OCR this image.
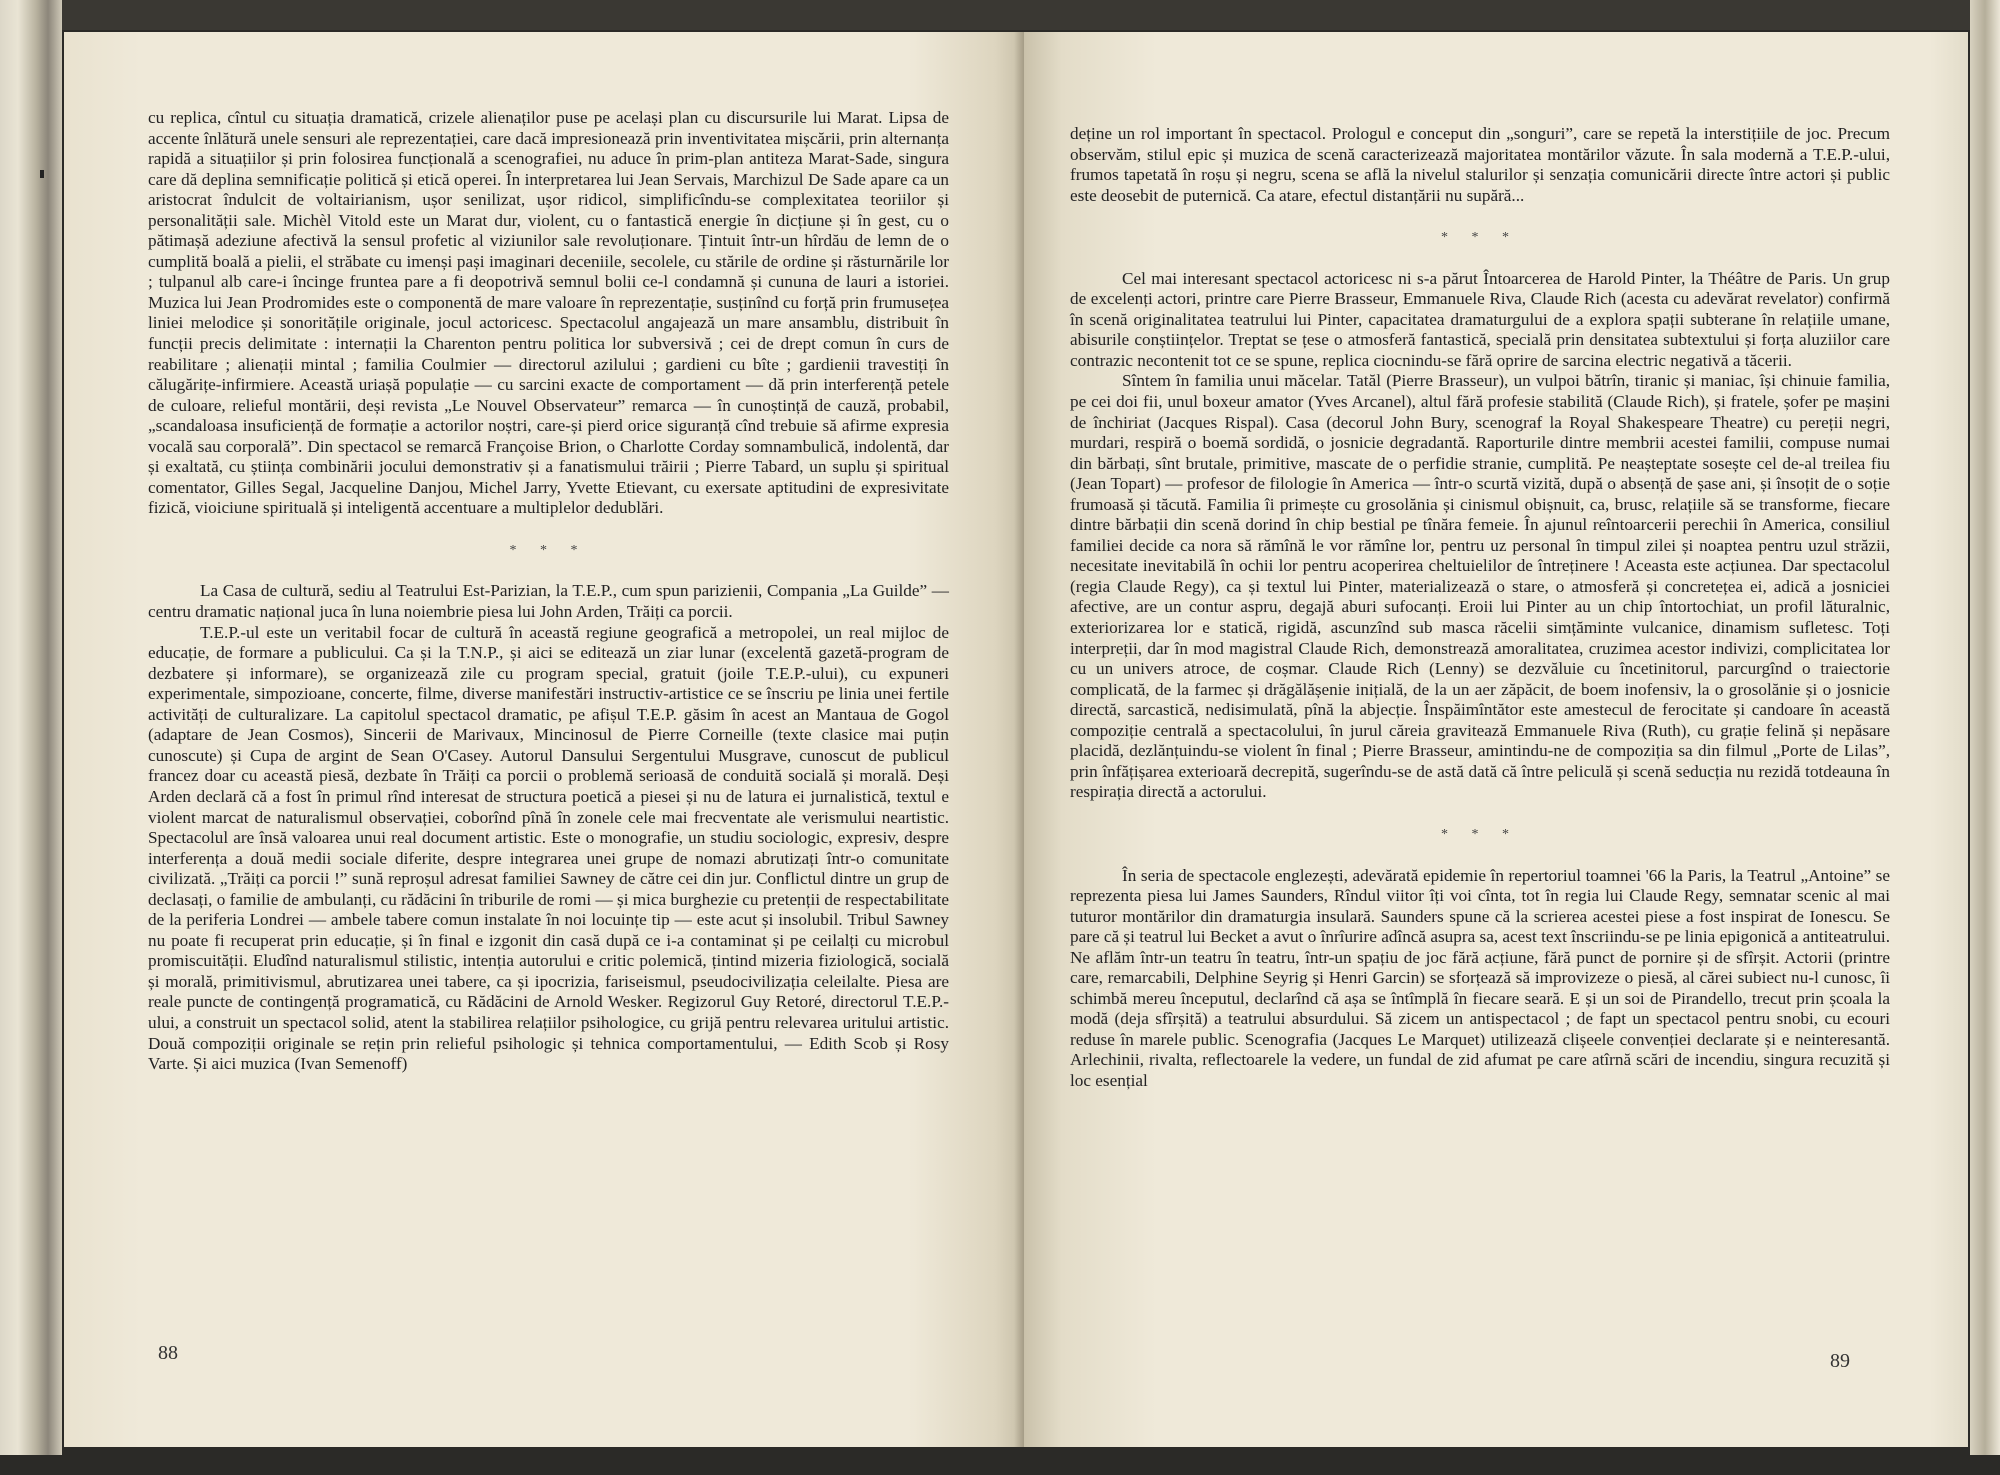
cu replica, cîntul cu situația dramatică, crizele alienaților puse pe același plan cu discursurile lui Marat. Lipsa de accente înlătură unele sensuri ale reprezentației, care dacă impresionează prin inventivitatea mișcării, prin alternanța rapidă a situațiilor și prin folosirea funcțională a scenografiei, nu aduce în prim-plan antiteza Marat-Sade, singura care dă deplina semnificație politică și etică operei. În interpretarea lui Jean Servais, Marchizul De Sade apare ca un aristocrat îndulcit de voltairianism, ușor senilizat, ușor ridicol, simplificîndu-se complexitatea teoriilor și personalității sale. Michèl Vitold este un Marat dur, violent, cu o fantastică energie în dicțiune și în gest, cu o pătimașă adeziune afectivă la sensul profetic al viziunilor sale revoluționare. Țintuit într-un hîrdău de lemn de o cumplită boală a pielii, el străbate cu imenși pași imaginari deceniile, secolele, cu stările de ordine și răsturnările lor ; tulpanul alb care-i încinge fruntea pare a fi deopotrivă semnul bolii ce-l condamnă și cununa de lauri a istoriei. Muzica lui Jean Prodromides este o componentă de mare valoare în reprezentație, susținînd cu forță prin frumusețea liniei melodice și sonoritățile originale, jocul actoricesc. Spectacolul angajează un mare ansamblu, distribuit în funcții precis delimitate : internații la Charenton pentru politica lor subversivă ; cei de drept comun în curs de reabilitare ; alienații mintal ; familia Coulmier — directorul azilului ; gardieni cu bîte ; gardienii travestiți în călugărițe-infirmiere. Această uriașă populație — cu sarcini exacte de comportament — dă prin interferență petele de culoare, relieful montării, deși revista „Le Nouvel Observateur” remarca — în cunoștință de cauză, probabil, „scandaloasa insuficiență de formație a actorilor noștri, care-și pierd orice siguranță cînd trebuie să afirme expresia vocală sau corporală”. Din spectacol se remarcă Françoise Brion, o Charlotte Corday somnambulică, indolentă, dar și exaltată, cu știința combinării jocului demonstrativ și a fanatismului trăirii ; Pierre Tabard, un suplu și spiritual comentator, Gilles Segal, Jacqueline Danjou, Michel Jarry, Yvette Etievant, cu exersate aptitudini de expresivitate fizică, vioiciune spirituală și inteligentă accentuare a multiplelor dedublări.

* * *

La Casa de cultură, sediu al Teatrului Est-Parizian, la T.E.P., cum spun parizienii, Compania „La Guilde” — centru dramatic național juca în luna noiembrie piesa lui John Arden, Trăiți ca porcii.

T.E.P.-ul este un veritabil focar de cultură în această regiune geografică a metropolei, un real mijloc de educație, de formare a publicului. Ca și la T.N.P., și aici se editează un ziar lunar (excelentă gazetă-program de dezbatere și informare), se organizează zile cu program special, gratuit (joile T.E.P.-ului), cu expuneri experimentale, simpozioane, concerte, filme, diverse manifestări instructiv-artistice ce se înscriu pe linia unei fertile activități de culturalizare. La capitolul spectacol dramatic, pe afișul T.E.P. găsim în acest an Mantaua de Gogol (adaptare de Jean Cosmos), Sincerii de Marivaux, Mincinosul de Pierre Corneille (texte clasice mai puțin cunoscute) și Cupa de argint de Sean O'Casey. Autorul Dansului Sergentului Musgrave, cunoscut de publicul francez doar cu această piesă, dezbate în Trăiți ca porcii o problemă serioasă de conduită socială și morală. Deși Arden declară că a fost în primul rînd interesat de structura poetică a piesei și nu de latura ei jurnalistică, textul e violent marcat de naturalismul observației, coborînd pînă în zonele cele mai frecventate ale verismului neartistic. Spectacolul are însă valoarea unui real document artistic. Este o monografie, un studiu sociologic, expresiv, despre interferența a două medii sociale diferite, despre integrarea unei grupe de nomazi abrutizați într-o comunitate civilizată. „Trăiți ca porcii !” sună reproșul adresat familiei Sawney de către cei din jur. Conflictul dintre un grup de declasați, o familie de ambulanți, cu rădăcini în triburile de romi — și mica burghezie cu pretenții de respectabilitate de la periferia Londrei — ambele tabere comun instalate în noi locuințe tip — este acut și insolubil. Tribul Sawney nu poate fi recuperat prin educație, și în final e izgonit din casă după ce i-a contaminat și pe ceilalți cu microbul promiscuității. Eludînd naturalismul stilistic, intenția autorului e critic polemică, țintind mizeria fiziologică, socială și morală, primitivismul, abrutizarea unei tabere, ca și ipocrizia, fariseismul, pseudocivilizația celeilalte. Piesa are reale puncte de contingență programatică, cu Rădăcini de Arnold Wesker. Regizorul Guy Retoré, directorul T.E.P.-ului, a construit un spectacol solid, atent la stabilirea relațiilor psihologice, cu grijă pentru relevarea uritului artistic. Două compoziții originale se rețin prin relieful psihologic și tehnica comportamentului, — Edith Scob și Rosy Varte. Și aici muzica (Ivan Semenoff)

88

deține un rol important în spectacol. Prologul e conceput din „songuri”, care se repetă la interstițiile de joc. Precum observăm, stilul epic și muzica de scenă caracterizează majoritatea montărilor văzute. În sala modernă a T.E.P.-ului, frumos tapetată în roșu și negru, scena se află la nivelul stalurilor și senzația comunicării directe între actori și public este deosebit de puternică. Ca atare, efectul distanțării nu supără...

* * *

Cel mai interesant spectacol actoricesc ni s-a părut Întoarcerea de Harold Pinter, la Théâtre de Paris. Un grup de excelenți actori, printre care Pierre Brasseur, Emmanuele Riva, Claude Rich (acesta cu adevărat revelator) confirmă în scenă originalitatea teatrului lui Pinter, capacitatea dramaturgului de a explora spații subterane în relațiile umane, abisurile conștiințelor. Treptat se țese o atmosferă fantastică, specială prin densitatea subtextului și forța aluziilor care contrazic necontenit tot ce se spune, replica ciocnindu-se fără oprire de sarcina electric negativă a tăcerii.

Sîntem în familia unui măcelar. Tatăl (Pierre Brasseur), un vulpoi bătrîn, tiranic și maniac, își chinuie familia, pe cei doi fii, unul boxeur amator (Yves Arcanel), altul fără profesie stabilită (Claude Rich), și fratele, șofer pe mașini de închiriat (Jacques Rispal). Casa (decorul John Bury, scenograf la Royal Shakespeare Theatre) cu pereții negri, murdari, respiră o boemă sordidă, o josnicie degradantă. Raporturile dintre membrii acestei familii, compuse numai din bărbați, sînt brutale, primitive, mascate de o perfidie stranie, cumplită. Pe neașteptate sosește cel de-al treilea fiu (Jean Topart) — profesor de filologie în America — într-o scurtă vizită, după o absență de șase ani, și însoțit de o soție frumoasă și tăcută. Familia îi primește cu grosolănia și cinismul obișnuit, ca, brusc, relațiile să se transforme, fiecare dintre bărbații din scenă dorind în chip bestial pe tînăra femeie. În ajunul reîntoarcerii perechii în America, consiliul familiei decide ca nora să rămînă le vor rămîne lor, pentru uz personal în timpul zilei și noaptea pentru uzul străzii, necesitate inevitabilă în ochii lor pentru acoperirea cheltuielilor de întreținere ! Aceasta este acțiunea. Dar spectacolul (regia Claude Regy), ca și textul lui Pinter, materializează o stare, o atmosferă și concretețea ei, adică a josniciei afective, are un contur aspru, degajă aburi sufocanți. Eroii lui Pinter au un chip întortochiat, un profil lăturalnic, exteriorizarea lor e statică, rigidă, ascunzînd sub masca răcelii simțăminte vulcanice, dinamism sufletesc. Toți interpreții, dar în mod magistral Claude Rich, demonstrează amoralitatea, cruzimea acestor indivizi, complicitatea lor cu un univers atroce, de coșmar. Claude Rich (Lenny) se dezvăluie cu încetinitorul, parcurgînd o traiectorie complicată, de la farmec și drăgălășenie inițială, de la un aer zăpăcit, de boem inofensiv, la o grosolănie și o josnicie directă, sarcastică, nedisimulată, pînă la abjecție. Înspăimîntător este amestecul de ferocitate și candoare în această compoziție centrală a spectacolului, în jurul căreia gravitează Emmanuele Riva (Ruth), cu grație felină și nepăsare placidă, dezlănțuindu-se violent în final ; Pierre Brasseur, amintindu-ne de compoziția sa din filmul „Porte de Lilas”, prin înfățișarea exterioară decrepită, sugerîndu-se de astă dată că între peliculă și scenă seducția nu rezidă totdeauna în respirația directă a actorului.

* * *

În seria de spectacole englezești, adevărată epidemie în repertoriul toamnei '66 la Paris, la Teatrul „Antoine” se reprezenta piesa lui James Saunders, Rîndul viitor îți voi cînta, tot în regia lui Claude Regy, semnatar scenic al mai tuturor montărilor din dramaturgia insulară. Saunders spune că la scrierea acestei piese a fost inspirat de Ionescu. Se pare că și teatrul lui Becket a avut o înrîurire adîncă asupra sa, acest text înscriindu-se pe linia epigonică a antiteatrului. Ne aflăm într-un teatru în teatru, într-un spațiu de joc fără acțiune, fără punct de pornire și de sfîrșit. Actorii (printre care, remarcabili, Delphine Seyrig și Henri Garcin) se sforțează să improvizeze o piesă, al cărei subiect nu-l cunosc, îi schimbă mereu începutul, declarînd că așa se întîmplă în fiecare seară. E și un soi de Pirandello, trecut prin școala la modă (deja sfîrșită) a teatrului absurdului. Să zicem un antispectacol ; de fapt un spectacol pentru snobi, cu ecouri reduse în marele public. Scenografia (Jacques Le Marquet) utilizează clișeele convenției declarate și e neinteresantă. Arlechinii, rivalta, reflectoarele la vedere, un fundal de zid afumat pe care atîrnă scări de incendiu, singura recuzită și loc esențial

89
